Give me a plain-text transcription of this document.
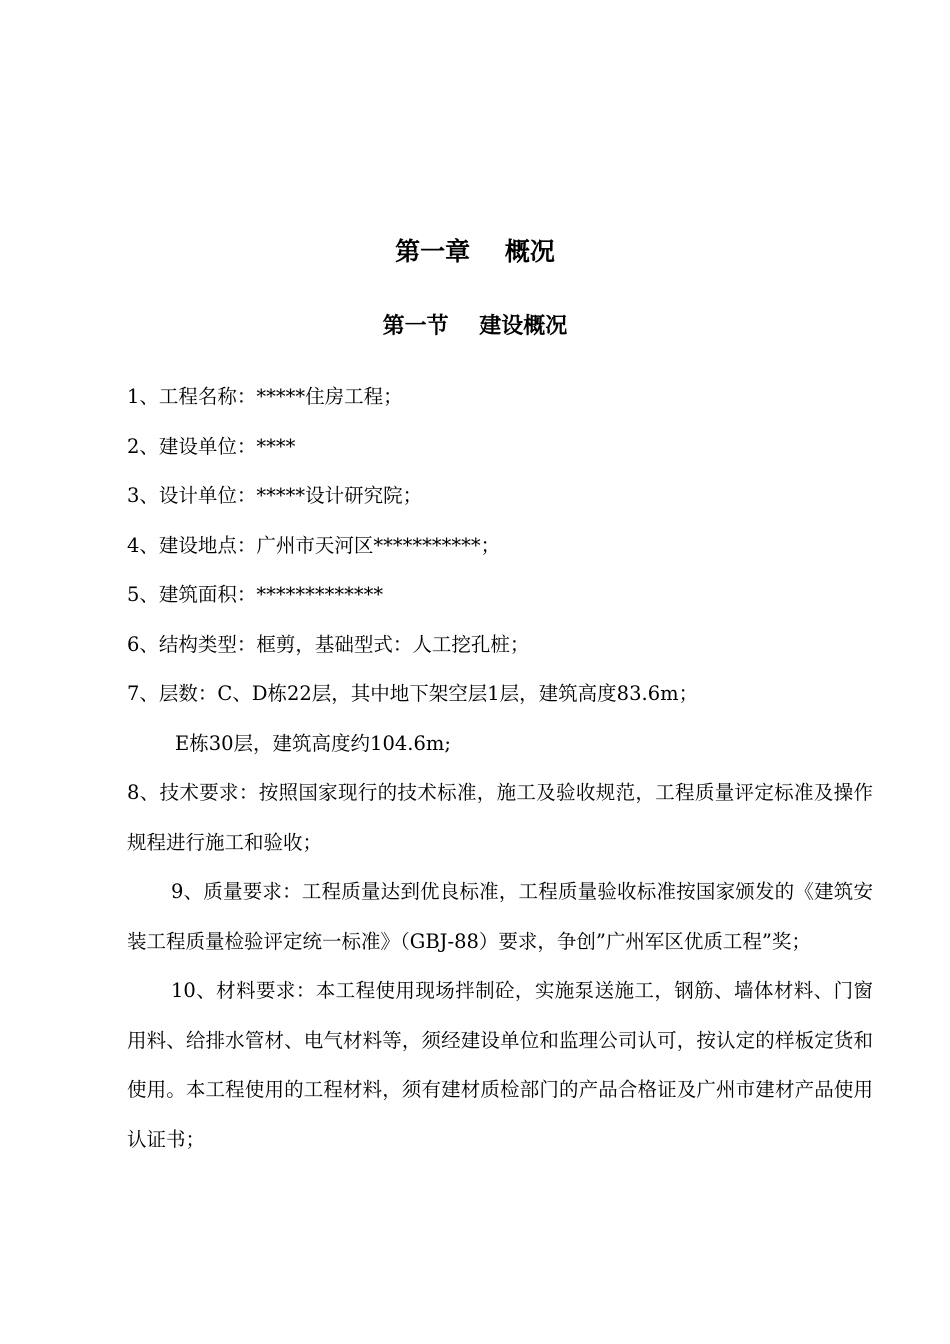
第一章    概况
第一节    建设概况

1、工程名称：*****住房工程；

2、建设单位：****

3、设计单位：*****设计研究院；

4、建设地点：广州市天河区***********；

5、建筑面积：*************

6、结构类型：框剪，基础型式：人工挖孔桩；

7、层数：C、D栋22层，其中地下架空层1层，建筑高度83.6m；

E栋30层，建筑高度约104.6m;

8、技术要求：按照国家现行的技术标准，施工及验收规范，工程质量评定标准及操作规程进行施工和验收；

9、质量要求：工程质量达到优良标准，工程质量验收标准按国家颁发的《建筑安装工程质量检验评定统一标准》（GBJ-88）要求，争创”广州军区优质工程”奖；

10、材料要求：本工程使用现场拌制砼，实施泵送施工，钢筋、墙体材料、门窗用料、给排水管材、电气材料等，须经建设单位和监理公司认可，按认定的样板定货和使用。本工程使用的工程材料，须有建材质检部门的产品合格证及广州市建材产品使用认证书；
